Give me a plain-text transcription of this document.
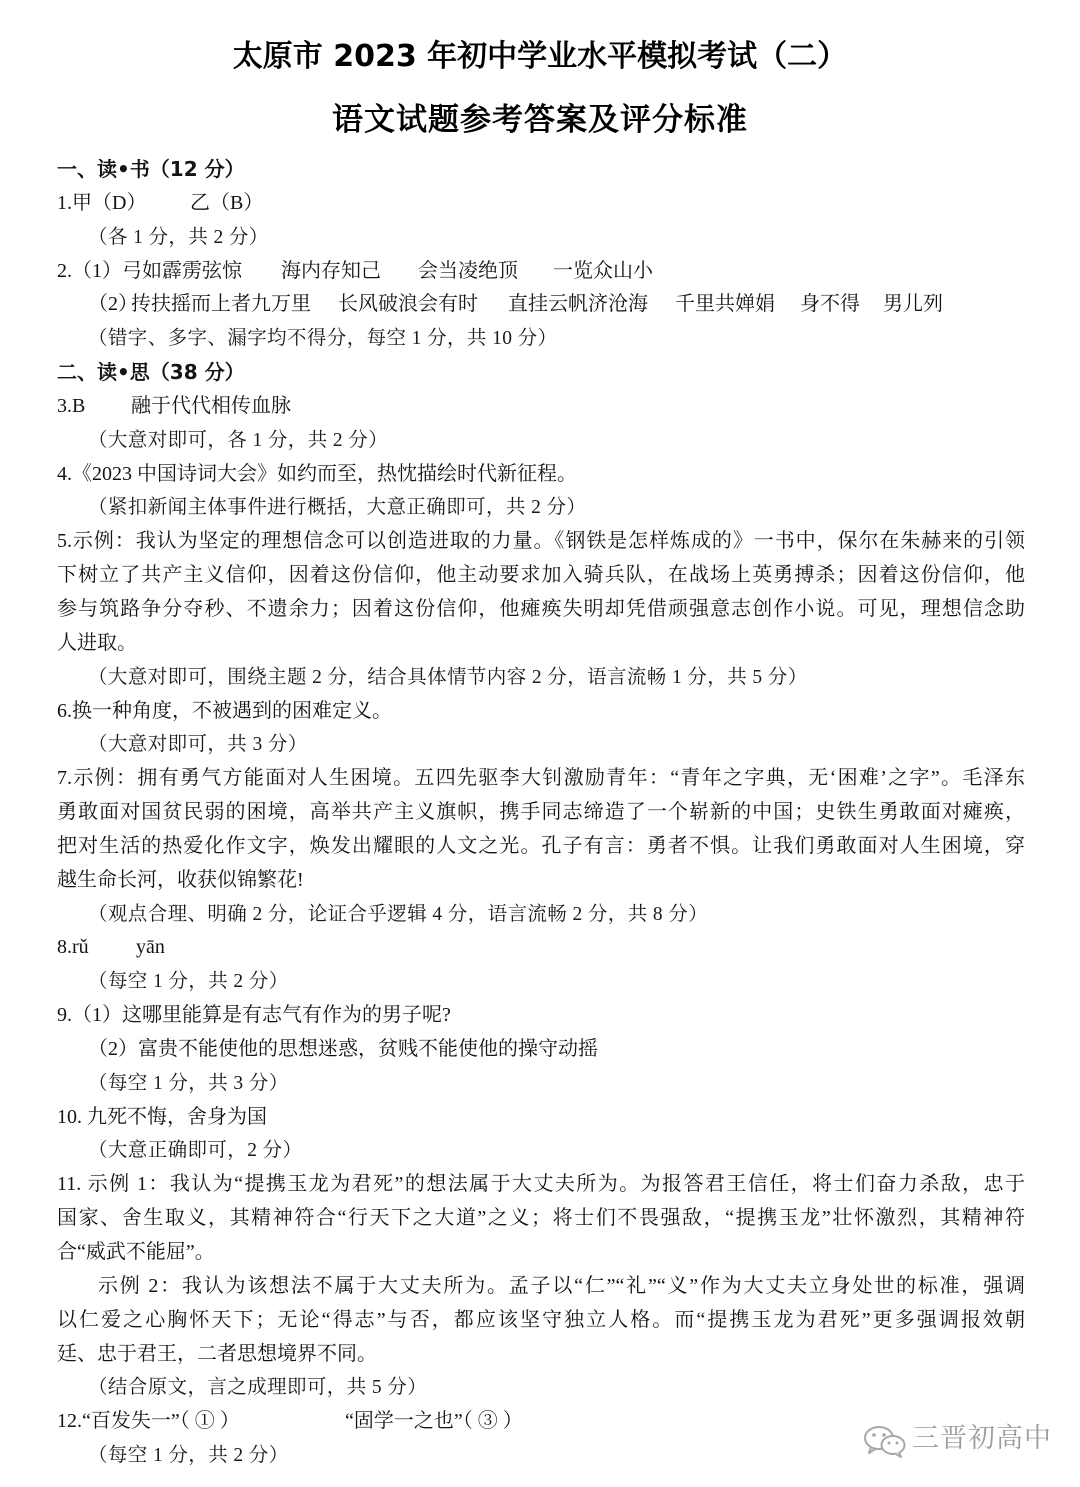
太原市 2023 年初中学业水平模拟考试（二）
语文试题参考答案及评分标准
一、读•书（12 分）
1.甲（D） 乙（B）
（各 1 分，共 2 分）
2.（1） 弓如霹雳弦惊 海内存知己 会当凌绝顶 一览众山小
（2）
抟扶摇而上者九万里 长风破浪会有时 直挂云帆济沧海 千里共婵娟 身不得 男儿列
（错字、多字、漏字均不得分，每空 1 分，共 10 分）
二、读•思（38 分）
3.B 融于代代相传血脉
（大意对即可，各 1 分，共 2 分）
4.《2023 中国诗词大会》如约而至，热忱描绘时代新征程。
（紧扣新闻主体事件进行概括，大意正确即可，共 2 分）
5.示例：我认为坚定的理想信念可以创造进取的力量。《钢铁是怎样炼成的》一书中，保尔在朱赫来的引领
下树立了共产主义信仰，因着这份信仰，他主动要求加入骑兵队，在战场上英勇搏杀；因着这份信仰，他
参与筑路争分夺秒、不遗余力；因着这份信仰，他瘫痪失明却凭借顽强意志创作小说。可见，理想信念助
人进取。
（大意对即可，围绕主题 2 分，结合具体情节内容 2 分，语言流畅 1 分，共 5 分）
6.换一种角度，不被遇到的困难定义。
（大意对即可，共 3 分）
7.示例：拥有勇气方能面对人生困境。五四先驱李大钊激励青年：“青年之字典，无‘困难’之字”。毛泽东
勇敢面对国贫民弱的困境，高举共产主义旗帜，携手同志缔造了一个崭新的中国；史铁生勇敢面对瘫痪，
把对生活的热爱化作文字，焕发出耀眼的人文之光。孔子有言：勇者不惧。让我们勇敢面对人生困境，穿
越生命长河，收获似锦繁花!
（观点合理、明确 2 分，论证合乎逻辑 4 分，语言流畅 2 分，共 8 分）
8.rǔ yān
（每空 1 分，共 2 分）
9.（1）这哪里能算是有志气有作为的男子呢?
（2）富贵不能使他的思想迷惑，贫贱不能使他的操守动摇
（每空 1 分，共 3 分）
10. 九死不悔，舍身为国
（大意正确即可，2 分）
11. 示例 1：我认为“提携玉龙为君死”的想法属于大丈夫所为。为报答君王信任，将士们奋力杀敌，忠于
国家、舍生取义，其精神符合“行天下之大道”之义；将士们不畏强敌，“提携玉龙”壮怀激烈，其精神符
合“威武不能屈”。
示例 2：我认为该想法不属于大丈夫所为。孟子以“仁”“礼”“义”作为大丈夫立身处世的标准，强调
以仁爱之心胸怀天下；无论“得志”与否，都应该坚守独立人格。而“提携玉龙为君死”更多强调报效朝
廷、忠于君王，二者思想境界不同。
（结合原文，言之成理即可，共 5 分）
12.“百发失一”（ ① ）	“固学一之也”（ ③ ）
（每空 1 分，共 2 分）
三晋初高中
